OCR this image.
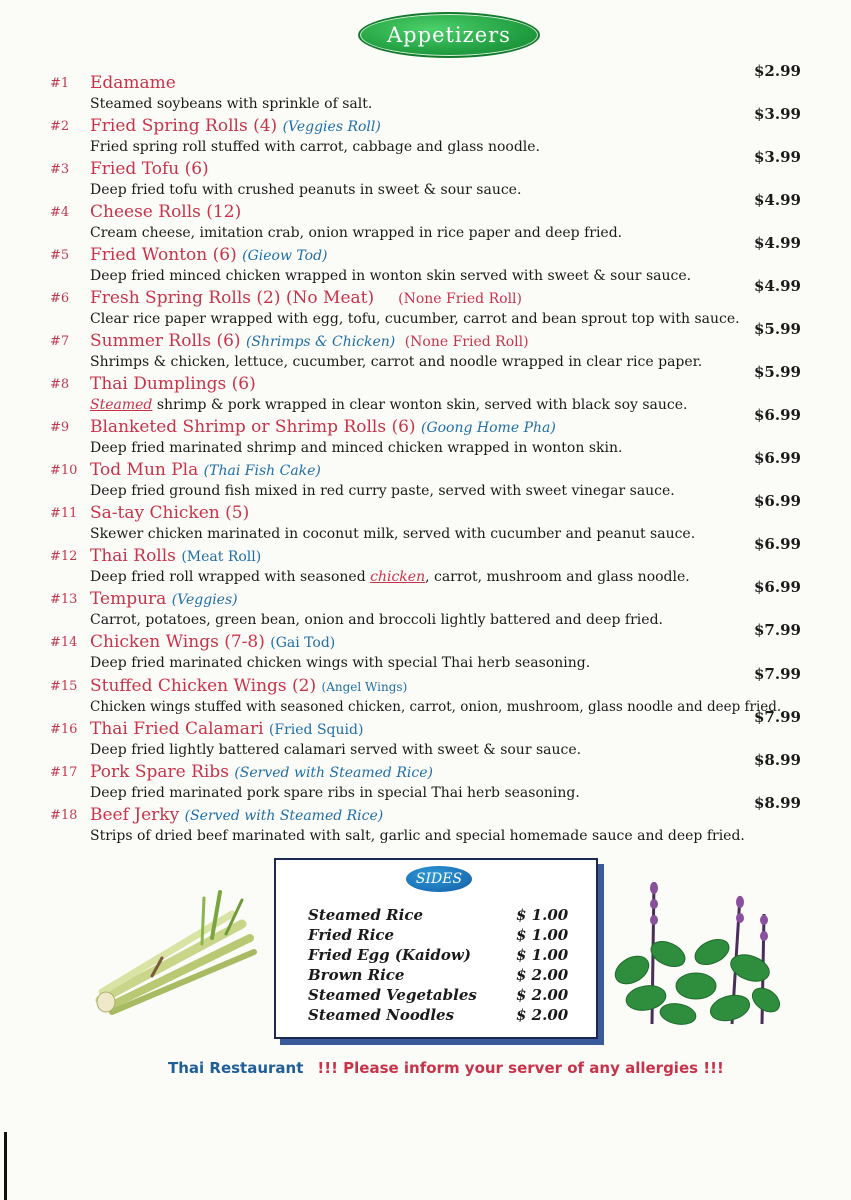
Appetizers
#1 Edamame
Steamed soybeans with sprinkle of salt.
$2.99
#2 Fried Spring Rolls (4) (Veggies Roll)
Fried spring roll stuffed with carrot, cabbage and glass noodle.
$3.99
#3 Fried Tofu (6)
Deep fried tofu with crushed peanuts in sweet & sour sauce.
$3.99
#4 Cheese Rolls (12)
Cream cheese, imitation crab, onion wrapped in rice paper and deep fried.
$4.99
#5 Fried Wonton (6) (Gieow Tod)
Deep fried minced chicken wrapped in wonton skin served with sweet & sour sauce.
$4.99
#6 Fresh Spring Rolls (2) (No Meat) (None Fried Roll)
Clear rice paper wrapped with egg, tofu, cucumber, carrot and bean sprout top with sauce.
$4.99
#7 Summer Rolls (6) (Shrimps & Chicken) (None Fried Roll)
Shrimps & chicken, lettuce, cucumber, carrot and noodle wrapped in clear rice paper.
$5.99
#8 Thai Dumplings (6)
Steamed shrimp & pork wrapped in clear wonton skin, served with black soy sauce.
$5.99
#9 Blanketed Shrimp or Shrimp Rolls (6) (Goong Home Pha)
Deep fried marinated shrimp and minced chicken wrapped in wonton skin.
$6.99
#10 Tod Mun Pla (Thai Fish Cake)
Deep fried ground fish mixed in red curry paste, served with sweet vinegar sauce.
$6.99
#11 Sa-tay Chicken (5)
Skewer chicken marinated in coconut milk, served with cucumber and peanut sauce.
$6.99
#12 Thai Rolls (Meat Roll)
Deep fried roll wrapped with seasoned chicken, carrot, mushroom and glass noodle.
$6.99
#13 Tempura (Veggies)
Carrot, potatoes, green bean, onion and broccoli lightly battered and deep fried.
$6.99
#14 Chicken Wings (7-8) (Gai Tod)
Deep fried marinated chicken wings with special Thai herb seasoning.
$7.99
#15 Stuffed Chicken Wings (2) (Angel Wings)
Chicken wings stuffed with seasoned chicken, carrot, onion, mushroom, glass noodle and deep fried.
$7.99
#16 Thai Fried Calamari (Fried Squid)
Deep fried lightly battered calamari served with sweet & sour sauce.
$7.99
#17 Pork Spare Ribs (Served with Steamed Rice)
Deep fried marinated pork spare ribs in special Thai herb seasoning.
$8.99
#18 Beef Jerky (Served with Steamed Rice)
Strips of dried beef marinated with salt, garlic and special homemade sauce and deep fried.
$8.99
SIDES
Steamed Rice	$ 1.00
Fried Rice	$ 1.00
Fried Egg (Kaidow)	$ 1.00
Brown Rice	$ 2.00
Steamed Vegetables	$ 2.00
Steamed Noodles	$ 2.00
Thai Restaurant !!! Please inform your server of any allergies !!!
